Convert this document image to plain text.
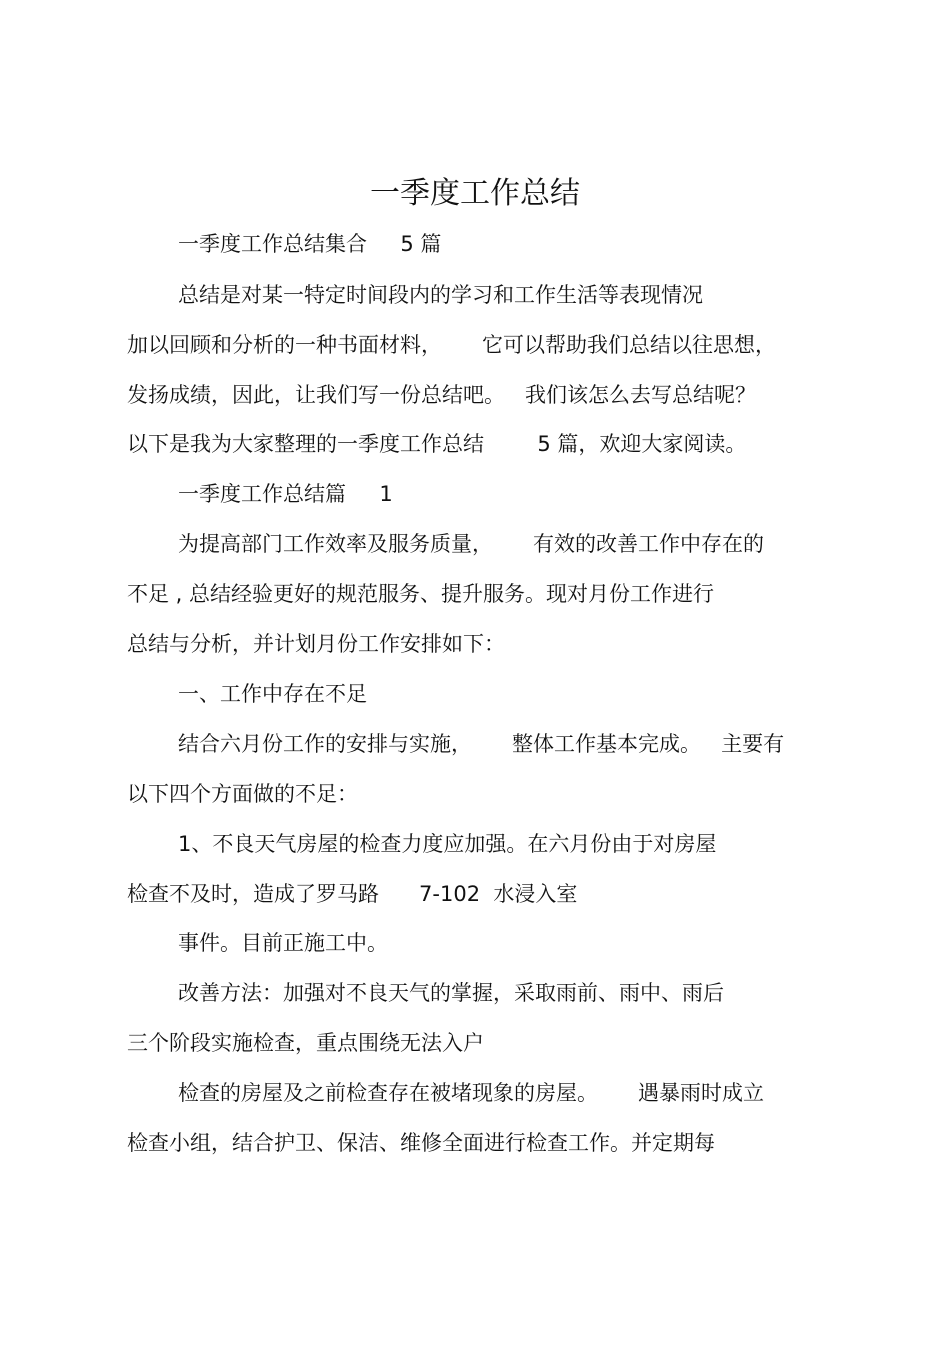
一季度工作总结
一季度工作总结集合     5 篇
总结是对某一特定时间段内的学习和工作生活等表现情况
加以回顾和分析的一种书面材料，      它可以帮助我们总结以往思想，
发扬成绩，因此，让我们写一份总结吧。   我们该怎么去写总结呢？
以下是我为大家整理的一季度工作总结        5 篇，欢迎大家阅读。
一季度工作总结篇     1
为提高部门工作效率及服务质量，      有效的改善工作中存在的
不足 , 总结经验更好的规范服务、提升服务。现对月份工作进行
总结与分析，并计划月份工作安排如下：
一、工作中存在不足
结合六月份工作的安排与实施，      整体工作基本完成。   主要有
以下四个方面做的不足：
1、不良天气房屋的检查力度应加强。在六月份由于对房屋
检查不及时，造成了罗马路      7-102  水浸入室
事件。目前正施工中。
改善方法：加强对不良天气的掌握，采取雨前、雨中、雨后
三个阶段实施检查，重点围绕无法入户
检查的房屋及之前检查存在被堵现象的房屋。      遇暴雨时成立
检查小组，结合护卫、保洁、维修全面进行检查工作。并定期每
